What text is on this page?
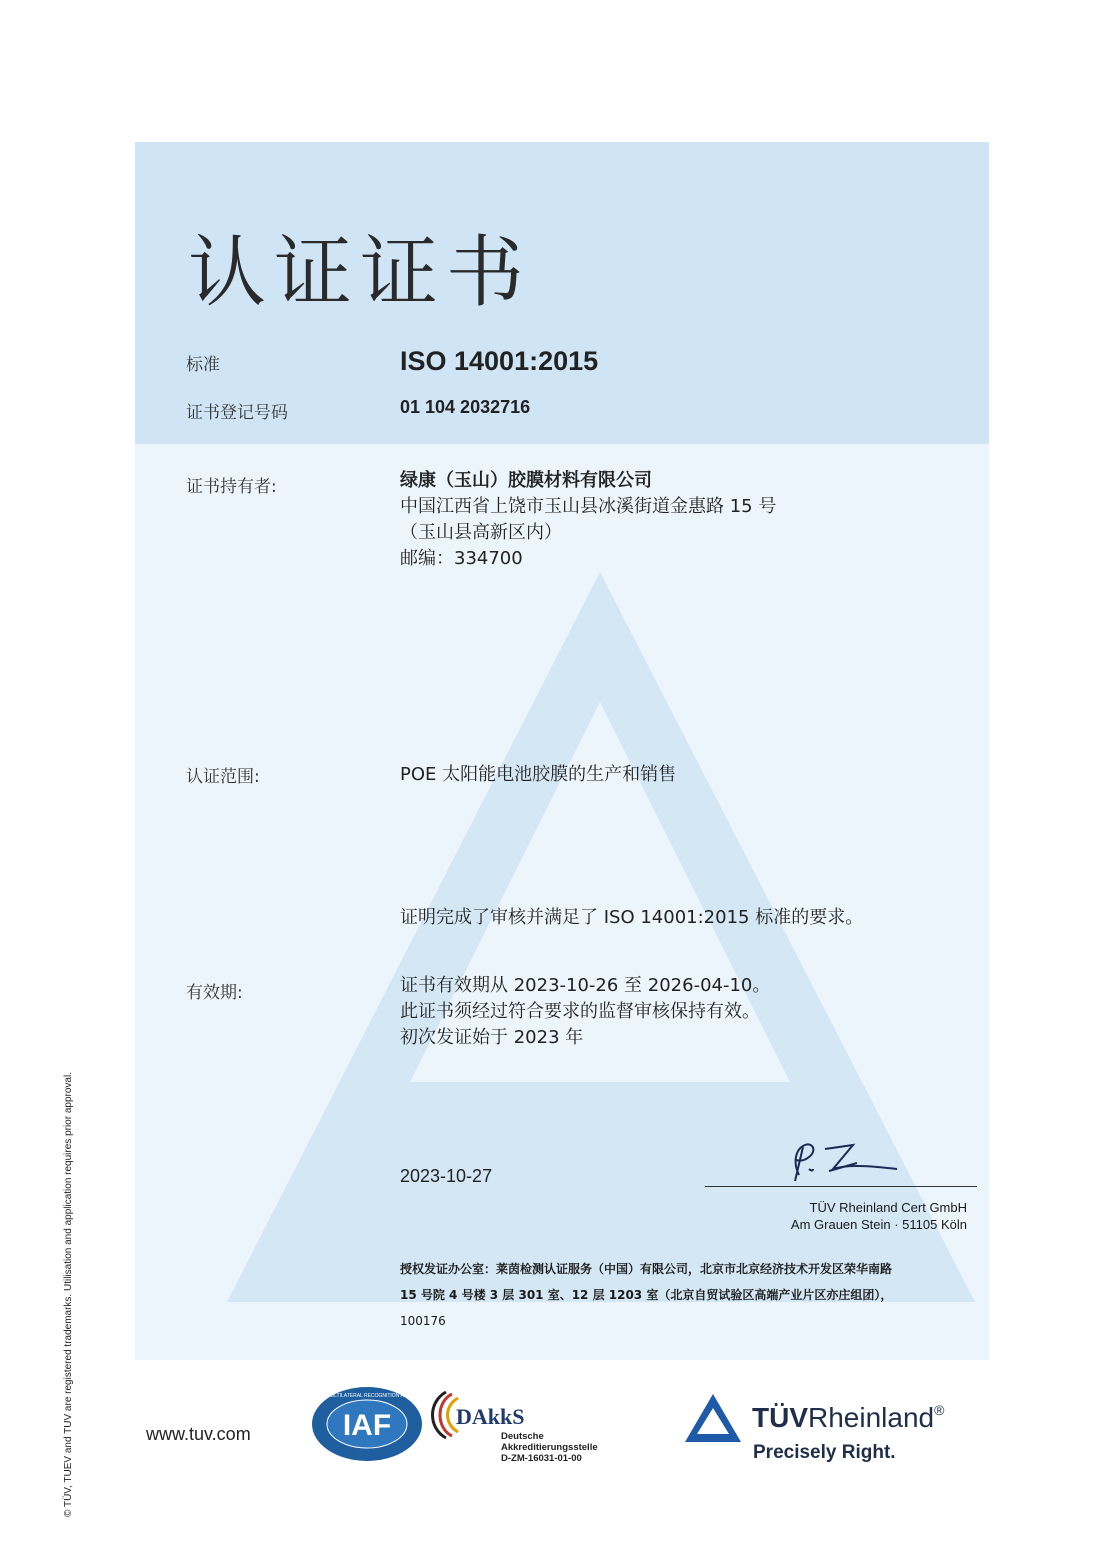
认证证书
标准	ISO 14001:2015
证书登记号码	01 104 2032716
证书持有者:	绿康（玉山）胶膜材料有限公司
中国江西省上饶市玉山县冰溪街道金惠路 15 号
（玉山县高新区内）
邮编：334700
认证范围:	POE 太阳能电池胶膜的生产和销售
证明完成了审核并满足了 ISO 14001:2015 标准的要求。
有效期:	证书有效期从 2023-10-26 至 2026-04-10。
此证书须经过符合要求的监督审核保持有效。
初次发证始于 2023 年
2023-10-27
TÜV Rheinland Cert GmbH
Am Grauen Stein · 51105 Köln
授权发证办公室：莱茵检测认证服务（中国）有限公司，北京市北京经济技术开发区荣华南路
15 号院 4 号楼 3 层 301 室、12 层 1203 室（北京自贸试验区高端产业片区亦庄组团），
100176
© TÜV, TUEV and TUV are registered trademarks. Utilisation and application requires prior approval.	www.tuv.com	IAF
MEMBER OF MULTILATERAL RECOGNITION ARRANGEMENT
DAkkS
Deutsche
Akkreditierungsstelle
D-ZM-16031-01-00
TÜVRheinland®
Precisely Right.
